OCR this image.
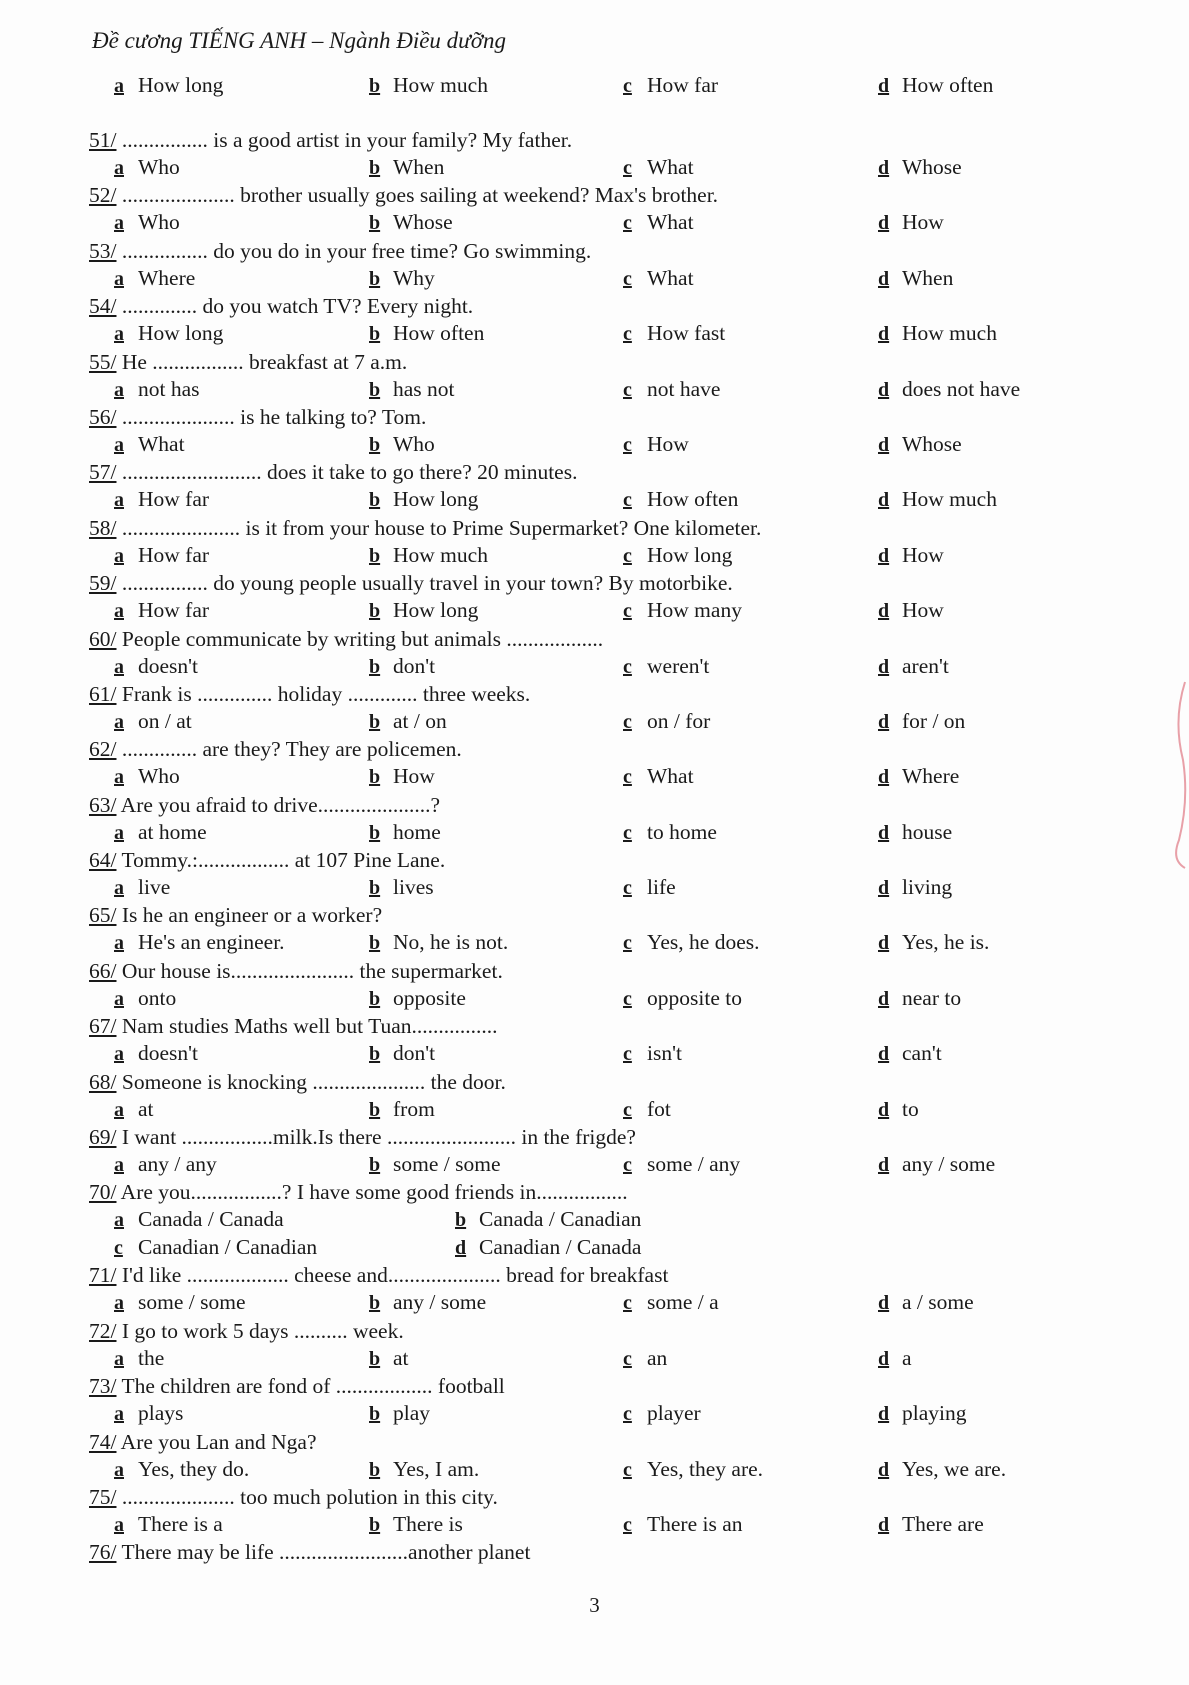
Đề cương TIẾNG ANH – Ngành Điều dưỡng
a How long	b How much	c How far	d How often
51/ ................ is a good artist in your family? My father.
a Who	b When	c What	d Whose
52/ ..................... brother usually goes sailing at weekend? Max's brother.
a Who	b Whose	c What	d How
53/ ................ do you do in your free time? Go swimming.
a Where	b Why	c What	d When
54/ .............. do you watch TV? Every night.
a How long	b How often	c How fast	d How much
55/ He ................. breakfast at 7 a.m.
a not has	b has not	c not have	d does not have
56/ ..................... is he talking to? Tom.
a What	b Who	c How	d Whose
57/ .......................... does it take to go there? 20 minutes.
a How far	b How long	c How often	d How much
58/ ...................... is it from your house to Prime Supermarket? One kilometer.
a How far	b How much	c How long	d How
59/ ................ do young people usually travel in your town? By motorbike.
a How far	b How long	c How many	d How
60/ People communicate by writing but animals ..................
a doesn't	b don't	c weren't	d aren't
61/ Frank is .............. holiday ............. three weeks.
a on / at	b at / on	c on / for	d for / on
62/ .............. are they? They are policemen.
a Who	b How	c What	d Where
63/ Are you afraid to drive.....................?
a at home	b home	c to home	d house
64/ Tommy.:................. at 107 Pine Lane.
a live	b lives	c life	d living
65/ Is he an engineer or a worker?
a He's an engineer.	b No, he is not.	c Yes, he does.	d Yes, he is.
66/ Our house is....................... the supermarket.
a onto	b opposite	c opposite to	d near to
67/ Nam studies Maths well but Tuan................
a doesn't	b don't	c isn't	d can't
68/ Someone is knocking ..................... the door.
a at	b from	c fot	d to
69/ I want .................milk.Is there ........................ in the frigde?
a any / any	b some / some	c some / any	d any / some
70/ Are you.................? I have some good friends in.................
a Canada / Canada	b Canada / Canadian
c Canadian / Canadian	d Canadian / Canada
71/ I'd like ................... cheese and..................... bread for breakfast
a some / some	b any / some	c some / a	d a / some
72/ I go to work 5 days .......... week.
a the	b at	c an	d a
73/ The children are fond of .................. football
a plays	b play	c player	d playing
74/ Are you Lan and Nga?
a Yes, they do.	b Yes, I am.	c Yes, they are.	d Yes, we are.
75/ ..................... too much polution in this city.
a There is a	b There is	c There is an	d There are
76/ There may be life ........................another planet
3
